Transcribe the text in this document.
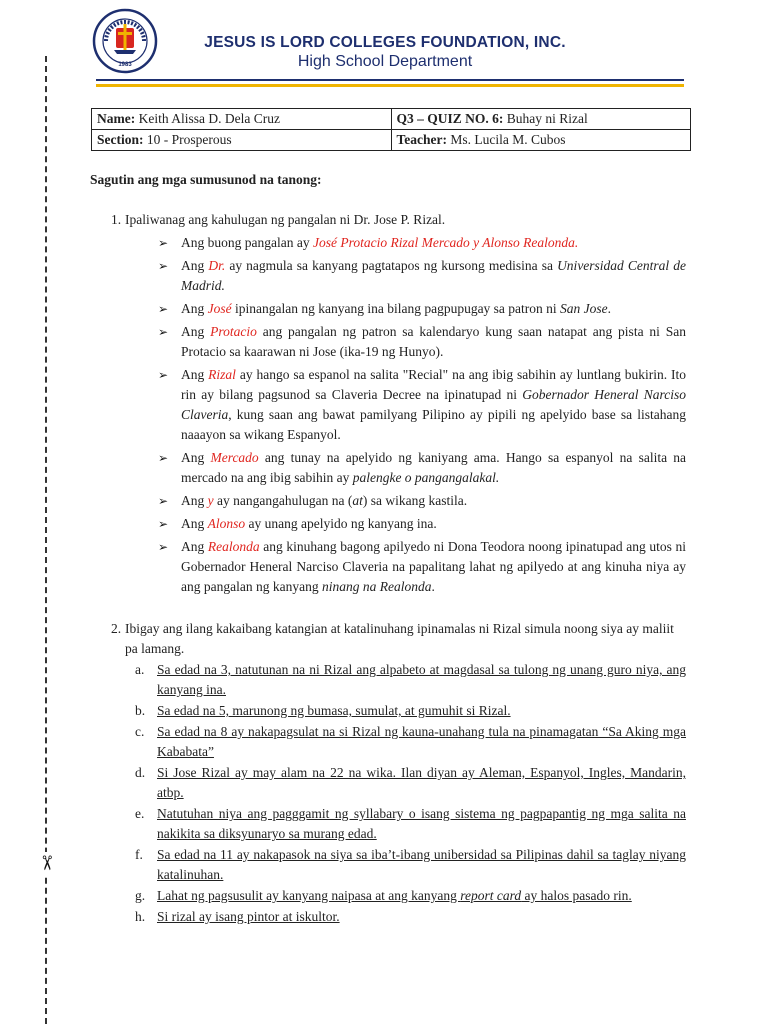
✂
1983
JESUS IS LORD COLLEGES FOUNDATION, INC.
High School Department
Name: Keith Alissa D. Dela Cruz	Q3 – QUIZ NO. 6: Buhay ni Rizal
Section: 10 - Prosperous	Teacher: Ms. Lucila M. Cubos
Sagutin ang mga sumusunod na tanong:
1. Ipaliwanag ang kahulugan ng pangalan ni Dr. Jose P. Rizal.
➢ Ang buong pangalan ay José Protacio Rizal Mercado y Alonso Realonda.
➢ Ang Dr. ay nagmula sa kanyang pagtatapos ng kursong medisina sa Universidad Central de Madrid.
➢ Ang José ipinangalan ng kanyang ina bilang pagpupugay sa patron ni San Jose.
➢ Ang Protacio ang pangalan ng patron sa kalendaryo kung saan natapat ang pista ni San Protacio sa kaarawan ni Jose (ika-19 ng Hunyo).
➢ Ang Rizal ay hango sa espanol na salita "Recial" na ang ibig sabihin ay luntlang bukirin. Ito rin ay bilang pagsunod sa Claveria Decree na ipinatupad ni Gobernador Heneral Narciso Claveria, kung saan ang bawat pamilyang Pilipino ay pipili ng apelyido base sa listahang naaayon sa wikang Espanyol.
➢ Ang Mercado ang tunay na apelyido ng kaniyang ama. Hango sa espanyol na salita na mercado na ang ibig sabihin ay palengke o pangangalakal.
➢ Ang y ay nangangahulugan na (at) sa wikang kastila.
➢ Ang Alonso ay unang apelyido ng kanyang ina.
➢ Ang Realonda ang kinuhang bagong apilyedo ni Dona Teodora noong ipinatupad ang utos ni Gobernador Heneral Narciso Claveria na papalitang lahat ng apilyedo at ang kinuha niya ay ang pangalan ng kanyang ninang na Realonda.
2. Ibigay ang ilang kakaibang katangian at katalinuhang ipinamalas ni Rizal simula noong siya ay maliit pa lamang.
a. Sa edad na 3, natutunan na ni Rizal ang alpabeto at magdasal sa tulong ng unang guro niya, ang kanyang ina.
b. Sa edad na 5, marunong ng bumasa, sumulat, at gumuhit si Rizal.
c. Sa edad na 8 ay nakapagsulat na si Rizal ng kauna-unahang tula na pinamagatan “Sa Aking mga Kababata”
d. Si Jose Rizal ay may alam na 22 na wika. Ilan diyan ay Aleman, Espanyol, Ingles, Mandarin, atbp.
e. Natutuhan niya ang pagggamit ng syllabary o isang sistema ng pagpapantig ng mga salita na nakikita sa diksyunaryo sa murang edad.
f. Sa edad na 11 ay nakapasok na siya sa iba’t-ibang unibersidad sa Pilipinas dahil sa taglay niyang katalinuhan.
g. Lahat ng pagsusulit ay kanyang naipasa at ang kanyang report card ay halos pasado rin.
h. Si rizal ay isang pintor at iskultor.
